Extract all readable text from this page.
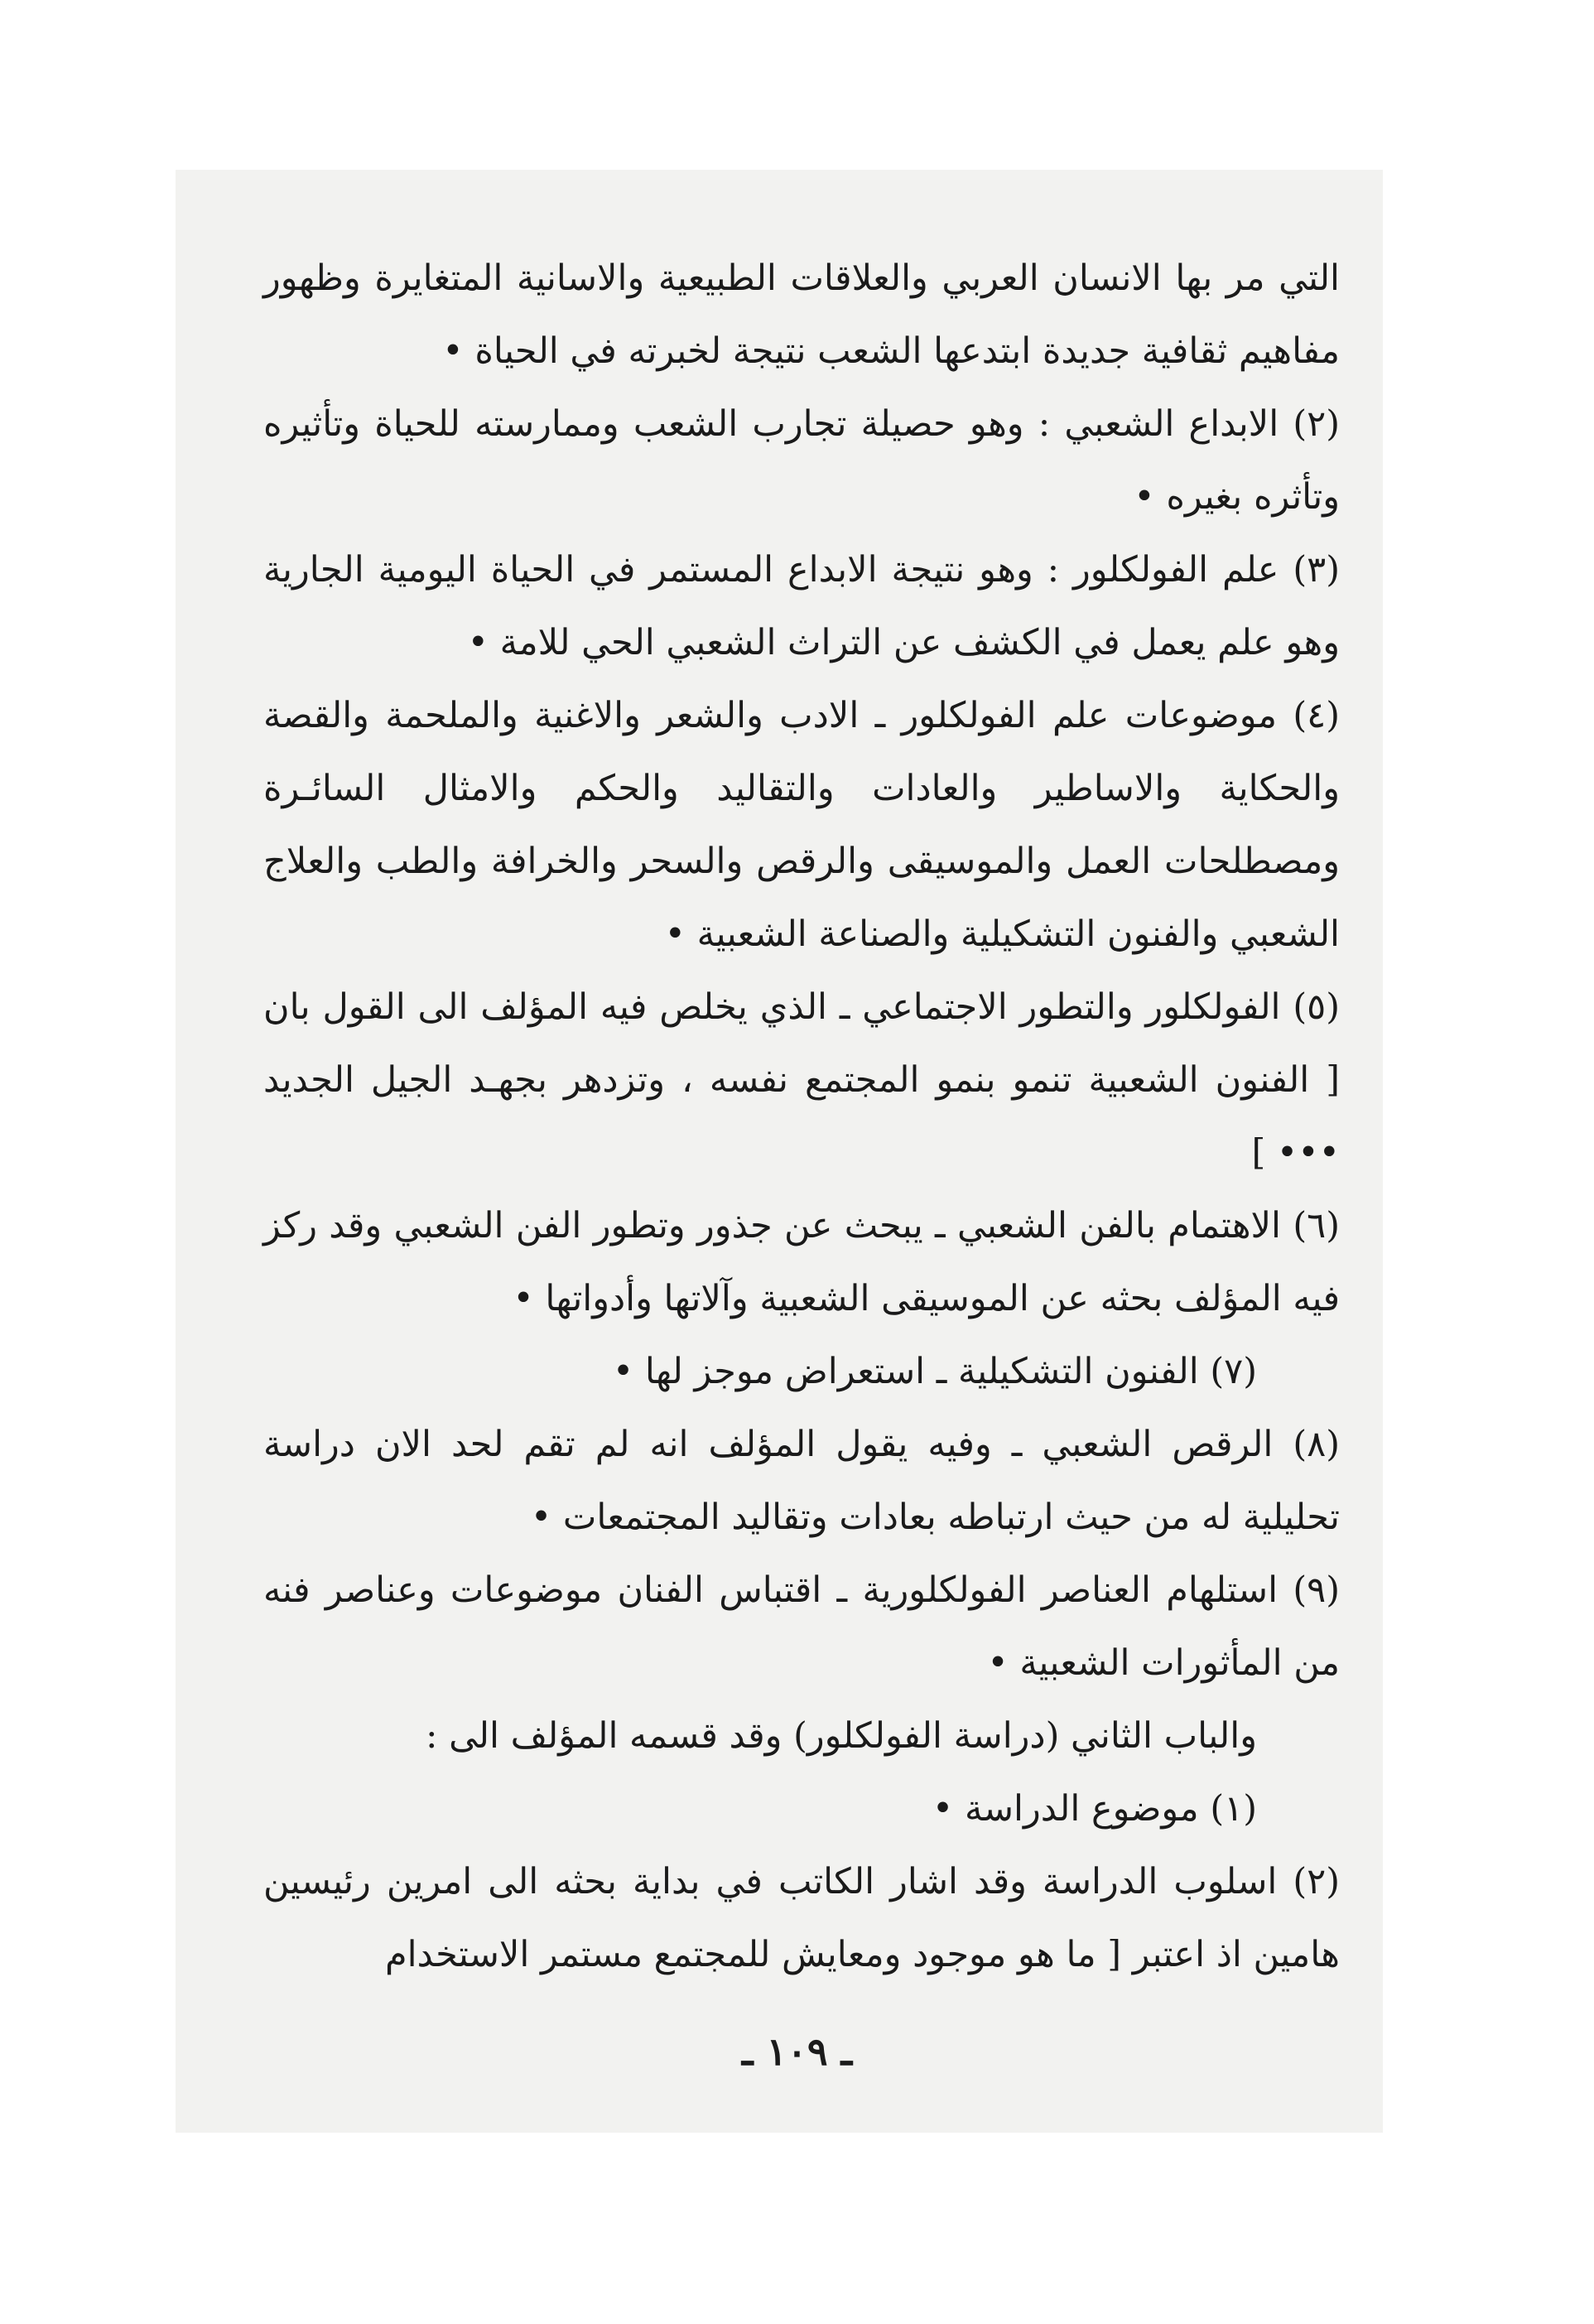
التي مر بها الانسان العربي والعلاقات الطبيعية والاسانية المتغايرة وظهور مفاهيم ثقافية جديدة ابتدعها الشعب نتيجة لخبرته في الحياة •

(٢) الابداع الشعبي : وهو حصيلة تجارب الشعب وممارسته للحياة وتأثيره وتأثره بغيره •

(٣) علم الفولكلور : وهو نتيجة الابداع المستمر في الحياة اليومية الجارية وهو علم يعمل في الكشف عن التراث الشعبي الحي للامة •

(٤) موضوعات علم الفولكلور ـ الادب والشعر والاغنية والملحمة والقصة والحكاية والاساطير والعادات والتقاليد والحكم والامثال السائـرة ومصطلحات العمل والموسيقى والرقص والسحر والخرافة والطب والعلاج الشعبي والفنون التشكيلية والصناعة الشعبية •

(٥) الفولكلور والتطور الاجتماعي ـ الذي يخلص فيه المؤلف الى القول بان [ الفنون الشعبية تنمو بنمو المجتمع نفسه ، وتزدهر بجهـد الجيل الجديد ••• ]

(٦) الاهتمام بالفن الشعبي ـ يبحث عن جذور وتطور الفن الشعبي وقد ركز فيه المؤلف بحثه عن الموسيقى الشعبية وآلاتها وأدواتها •

(٧) الفنون التشكيلية ـ استعراض موجز لها •

(٨) الرقص الشعبي ـ وفيه يقول المؤلف انه لم تقم لحد الان دراسة تحليلية له من حيث ارتباطه بعادات وتقاليد المجتمعات •

(٩) استلهام العناصر الفولكلورية ـ اقتباس الفنان موضوعات وعناصر فنه من المأثورات الشعبية •

والباب الثاني (دراسة الفولكلور) وقد قسمه المؤلف الى :

(١) موضوع الدراسة •

(٢) اسلوب الدراسة وقد اشار الكاتب في بداية بحثه الى امرين رئيسين هامين اذ اعتبر [ ما هو موجود ومعايش للمجتمع مستمر الاستخدام

ـ ١٠٩ ـ
